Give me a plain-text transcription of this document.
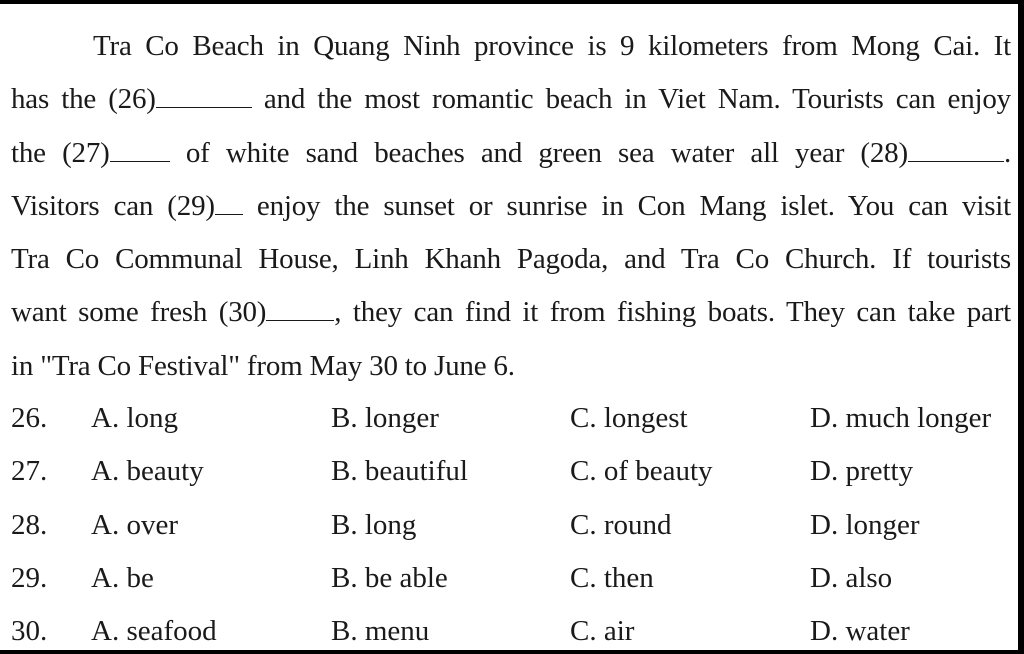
Tra Co Beach in Quang Ninh province is 9 kilometers from Mong Cai. It
has the (26)	and the most romantic beach in Viet Nam. Tourists can enjoy
the (27) of white sand beaches and green sea water all year (28)	.
Visitors can (29) enjoy the sunset or sunrise in Con Mang islet. You can visit
Tra Co Communal House, Linh Khanh Pagoda, and Tra Co Church. If tourists
want some fresh (30) , they can find it from fishing boats. They can take part
in "Tra Co Festival" from May 30 to June 6.
26. A. long	B. longer	C. longest	D. much longer
27. A. beauty	B. beautiful	C. of beauty	D. pretty
28. A. over	B. long	C. round	D. longer
29. A. be	B. be able	C. then	D. also
30. A. seafood	B. menu	C. air	D. water
